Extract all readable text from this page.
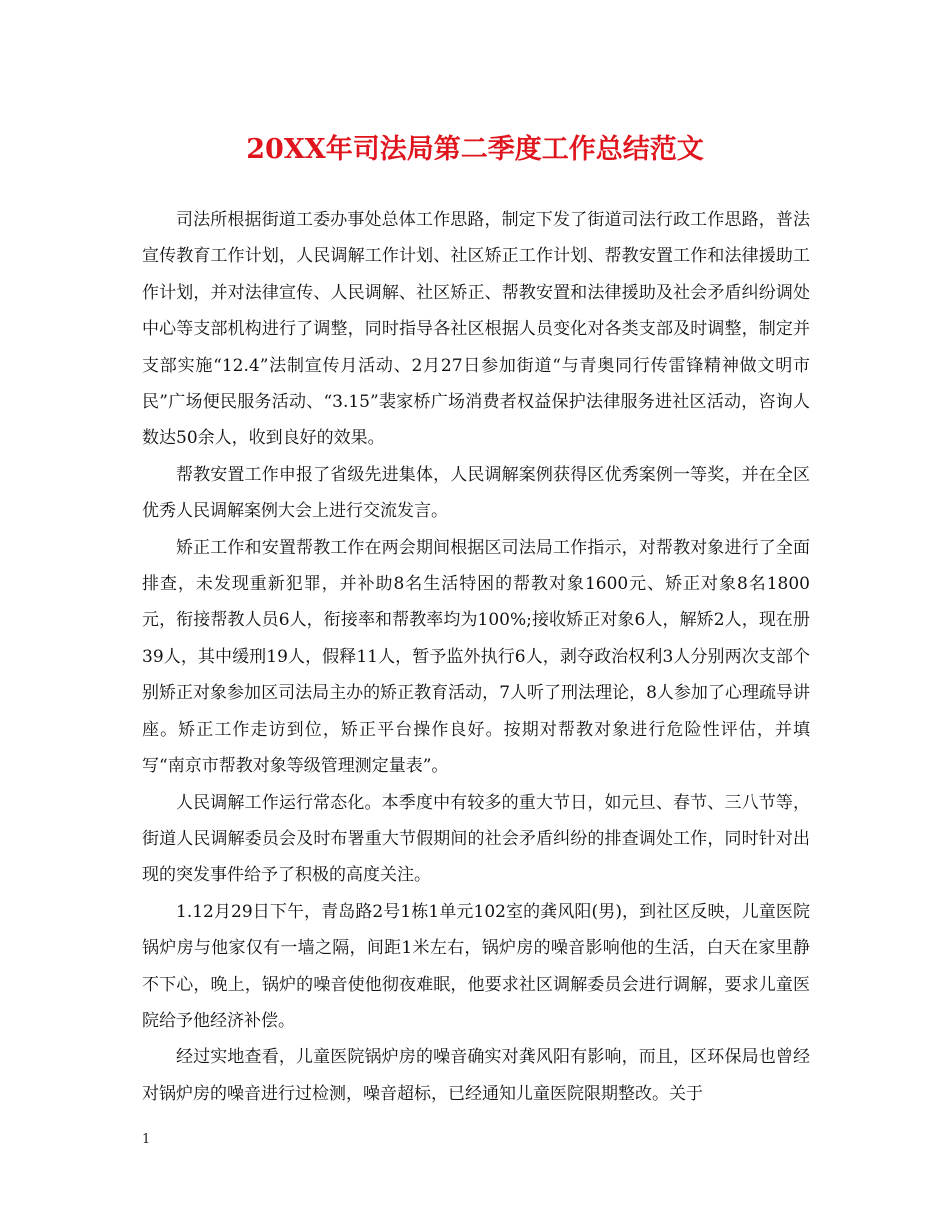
20XX年司法局第二季度工作总结范文

司法所根据街道工委办事处总体工作思路，制定下发了街道司法行政工作思路，普法宣传教育工作计划，人民调解工作计划、社区矫正工作计划、帮教安置工作和法律援助工作计划，并对法律宣传、人民调解、社区矫正、帮教安置和法律援助及社会矛盾纠纷调处中心等支部机构进行了调整，同时指导各社区根据人员变化对各类支部及时调整，制定并支部实施“12.4”法制宣传月活动、2月27日参加街道“与青奥同行传雷锋精神做文明市民”广场便民服务活动、“3.15”裴家桥广场消费者权益保护法律服务进社区活动，咨询人数达50余人，收到良好的效果。

帮教安置工作申报了省级先进集体，人民调解案例获得区优秀案例一等奖，并在全区优秀人民调解案例大会上进行交流发言。

矫正工作和安置帮教工作在两会期间根据区司法局工作指示，对帮教对象进行了全面排查，未发现重新犯罪，并补助8名生活特困的帮教对象1600元、矫正对象8名1800元，衔接帮教人员6人，衔接率和帮教率均为100%;接收矫正对象6人，解矫2人，现在册39人，其中缓刑19人，假释11人，暂予监外执行6人，剥夺政治权利3人分别两次支部个别矫正对象参加区司法局主办的矫正教育活动，7人听了刑法理论，8人参加了心理疏导讲座。矫正工作走访到位，矫正平台操作良好。按期对帮教对象进行危险性评估，并填写“南京市帮教对象等级管理测定量表”。

人民调解工作运行常态化。本季度中有较多的重大节日，如元旦、春节、三八节等，街道人民调解委员会及时布署重大节假期间的社会矛盾纠纷的排查调处工作，同时针对出现的突发事件给予了积极的高度关注。

1.12月29日下午，青岛路2号1栋1单元102室的龚风阳(男)，到社区反映，儿童医院锅炉房与他家仅有一墙之隔，间距1米左右，锅炉房的噪音影响他的生活，白天在家里静不下心，晚上，锅炉的噪音使他彻夜难眠，他要求社区调解委员会进行调解，要求儿童医院给予他经济补偿。

经过实地查看，儿童医院锅炉房的噪音确实对龚风阳有影响，而且，区环保局也曾经对锅炉房的噪音进行过检测，噪音超标，已经通知儿童医院限期整改。关于

1
